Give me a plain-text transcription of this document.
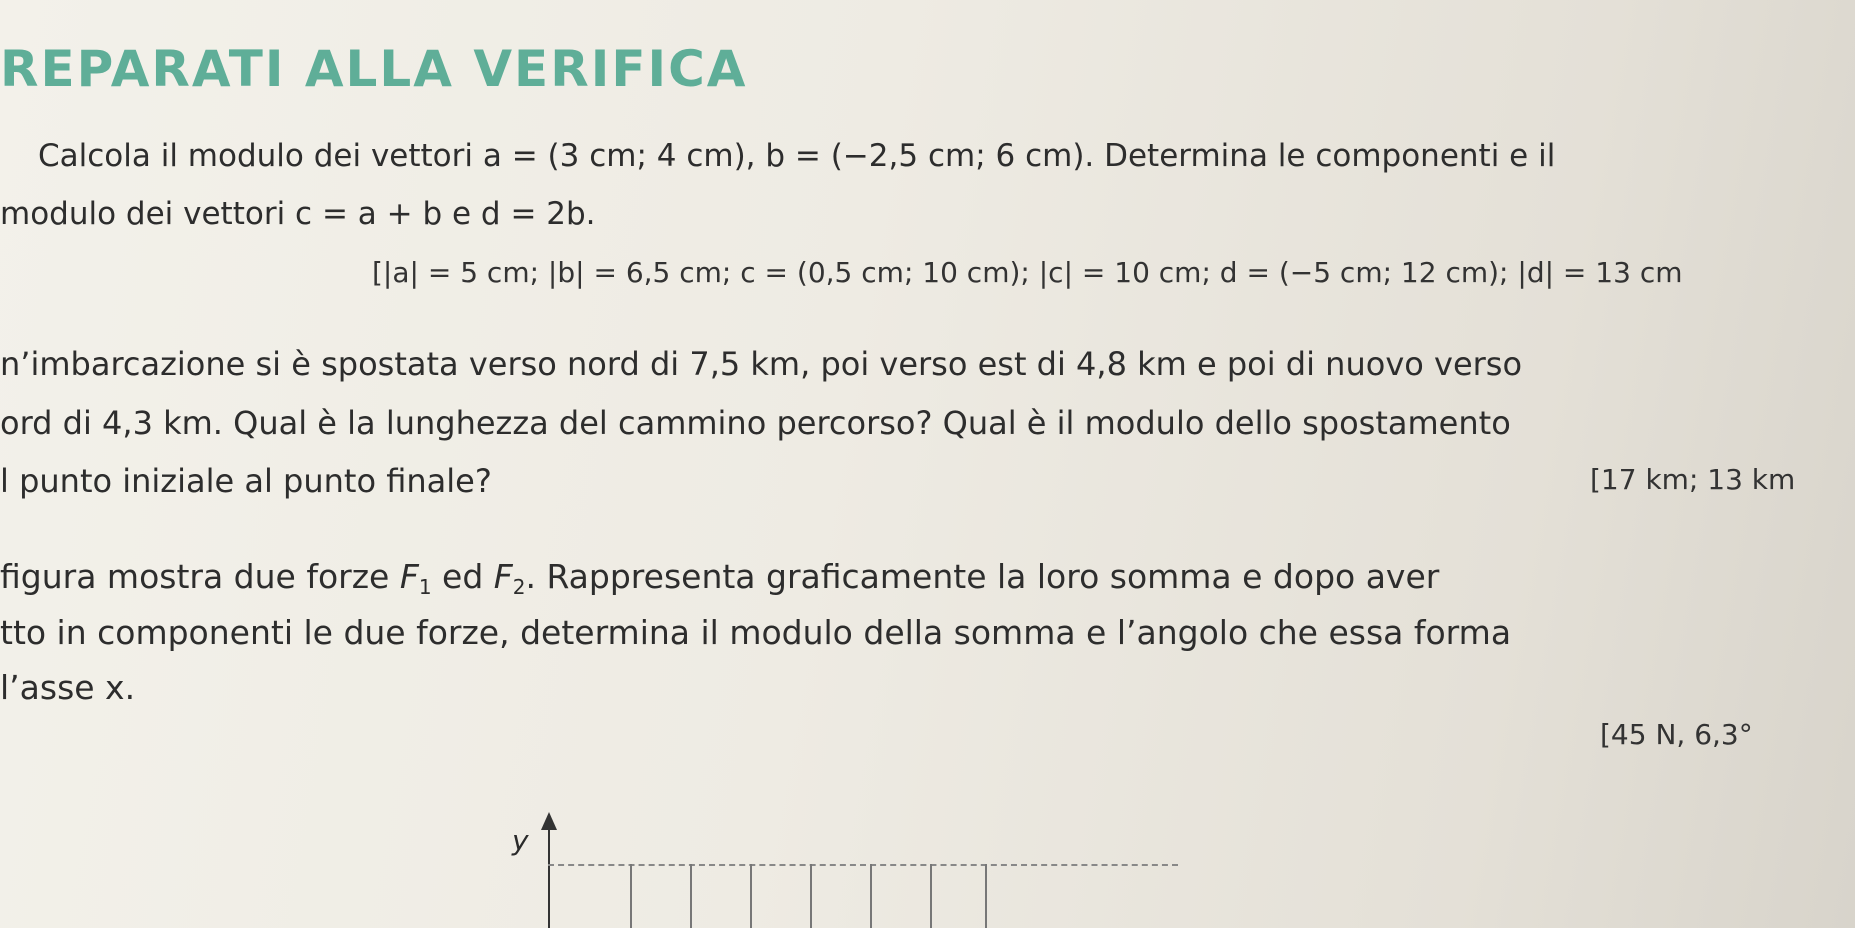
REPARATI ALLA VERIFICA
Calcola il modulo dei vettori a = (3 cm; 4 cm), b = (−2,5 cm; 6 cm). Determina le componenti e il
modulo dei vettori c = a + b e d = 2b.
[|a| = 5 cm; |b| = 6,5 cm; c = (0,5 cm; 10 cm); |c| = 10 cm; d = (−5 cm; 12 cm); |d| = 13 cm
n’imbarcazione si è spostata verso nord di 7,5 km, poi verso est di 4,8 km e poi di nuovo verso
ord di 4,3 km. Qual è la lunghezza del cammino percorso? Qual è il modulo dello spostamento
l punto iniziale al punto finale?	[17 km; 13 km
figura mostra due forze $F_1$ ed $F_2$. Rappresenta graficamente la loro somma e dopo aver
tto in componenti le due forze, determina il modulo della somma e l’angolo che essa forma
l’asse x.
[45 N, 6,3°
y
